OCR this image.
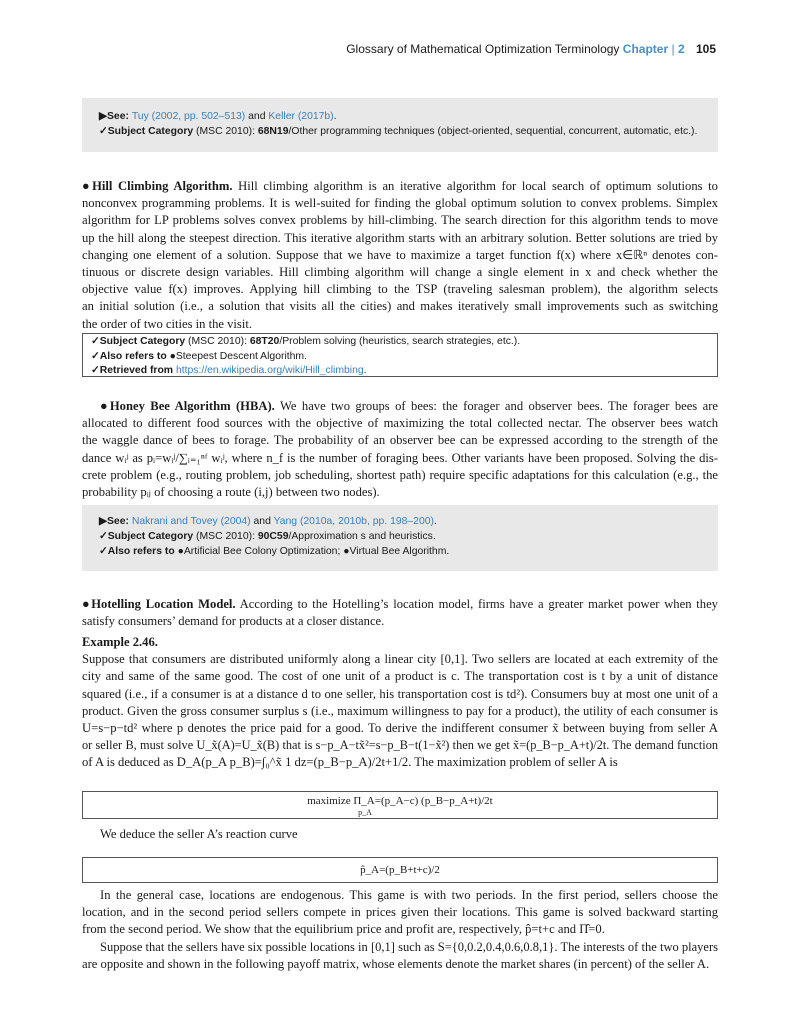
Glossary of Mathematical Optimization Terminology Chapter | 2 105
▶See: Tuy (2002, pp. 502–513) and Keller (2017b).
✓Subject Category (MSC 2010): 68N19/Other programming techniques (object-oriented, sequential, concurrent, automatic, etc.).
●Hill Climbing Algorithm. Hill climbing algorithm is an iterative algorithm for local search of optimum solutions to
nonconvex programming problems. It is well-suited for finding the global optimum solution to convex problems. Simplex
algorithm for LP problems solves convex problems by hill-climbing. The search direction for this algorithm tends to move
up the hill along the steepest direction. This iterative algorithm starts with an arbitrary solution. Better solutions are tried by
changing one element of a solution. Suppose that we have to maximize a target function f(x) where x∈ℝⁿ denotes con-
tinuous or discrete design variables. Hill climbing algorithm will change a single element in x and check whether the
objective value f(x) improves. Applying hill climbing to the TSP (traveling salesman problem), the algorithm selects
an initial solution (i.e., a solution that visits all the cities) and makes iteratively small improvements such as switching
the order of two cities in the visit.
✓Subject Category (MSC 2010): 68T20/Problem solving (heuristics, search strategies, etc.).
✓Also refers to ●Steepest Descent Algorithm.
✓Retrieved from https://en.wikipedia.org/wiki/Hill_climbing.
●Honey Bee Algorithm (HBA). We have two groups of bees: the forager and observer bees. The forager bees are
allocated to different food sources with the objective of maximizing the total collected nectar. The observer bees watch
the waggle dance of bees to forage. The probability of an observer bee can be expressed according to the strength of the
dance wᵢʲ as pᵢ=wᵢʲ/∑ᵢ₌₁ⁿᶠ wᵢʲ, where n_f is the number of foraging bees. Other variants have been proposed. Solving the dis-
crete problem (e.g., routing problem, job scheduling, shortest path) require specific adaptations for this calculation (e.g., the
probability pᵢⱼ of choosing a route (i,j) between two nodes).
▶See: Nakrani and Tovey (2004) and Yang (2010a, 2010b, pp. 198–200).
✓Subject Category (MSC 2010): 90C59/Approximation s and heuristics.
✓Also refers to ●Artificial Bee Colony Optimization; ●Virtual Bee Algorithm.
●Hotelling Location Model. According to the Hotelling’s location model, firms have a greater market power when they
satisfy consumers’ demand for products at a closer distance.
Example 2.46.
Suppose that consumers are distributed uniformly along a linear city [0,1]. Two sellers are located at each extremity of the
city and same of the same good. The cost of one unit of a product is c. The transportation cost is t by a unit of distance
squared (i.e., if a consumer is at a distance d to one seller, his transportation cost is td²). Consumers buy at most one unit of a
product. Given the gross consumer surplus s (i.e., maximum willingness to pay for a product), the utility of each consumer is
U=s−p−td² where p denotes the price paid for a good. To derive the indifferent consumer x̃ between buying from seller A
or seller B, must solve U_x̃(A)=U_x̃(B) that is s−p_A−tx̃²=s−p_B−t(1−x̃²) then we get x̃=(p_B−p_A+t)/2t. The demand function
of A is deduced as D_A(p_A p_B)=∫₀^x̃ 1 dz=(p_B−p_A)/2t+1/2. The maximization problem of seller A is
maximize Π_A=(p_A−c) (p_B−p_A+t)/2t
p_A
We deduce the seller A’s reaction curve
p̂_A=(p_B+t+c)/2
In the general case, locations are endogenous. This game is with two periods. In the first period, sellers choose the
location, and in the second period sellers compete in prices given their locations. This game is solved backward starting
from the second period. We show that the equilibrium price and profit are, respectively, p̂=t+c and Π̂=0.
Suppose that the sellers have six possible locations in [0,1] such as S={0,0.2,0.4,0.6,0.8,1}. The interests of the two players
are opposite and shown in the following payoff matrix, whose elements denote the market shares (in percent) of the seller A.
